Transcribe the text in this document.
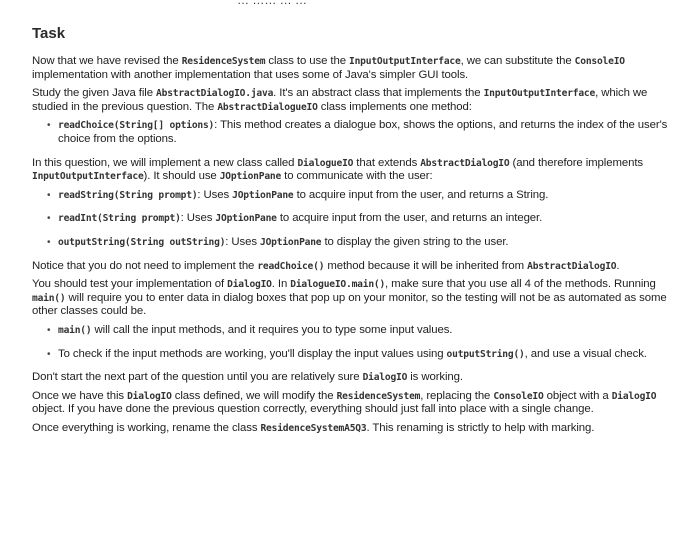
… …… … …
Task

Now that we have revised the ResidenceSystem class to use the InputOutputInterface, we can substitute the ConsoleIO implementation with another implementation that uses some of Java's simpler GUI tools.

Study the given Java file AbstractDialogIO.java. It's an abstract class that implements the InputOutputInterface, which we studied in the previous question. The AbstractDialogueIO class implements one method:

• readChoice(String[] options): This method creates a dialogue box, shows the options, and returns the index of the user's choice from the options.

In this question, we will implement a new class called DialogueIO that extends AbstractDialogIO (and therefore implements InputOutputInterface). It should use JOptionPane to communicate with the user:

• readString(String prompt): Uses JOptionPane to acquire input from the user, and returns a String.
• readInt(String prompt): Uses JOptionPane to acquire input from the user, and returns an integer.
• outputString(String outString): Uses JOptionPane to display the given string to the user.

Notice that you do not need to implement the readChoice() method because it will be inherited from AbstractDialogIO.

You should test your implementation of DialogIO. In DialogueIO.main(), make sure that you use all 4 of the methods. Running main() will require you to enter data in dialog boxes that pop up on your monitor, so the testing will not be as automated as some other classes could be.

• main() will call the input methods, and it requires you to type some input values.
• To check if the input methods are working, you'll display the input values using outputString(), and use a visual check.

Don't start the next part of the question until you are relatively sure DialogIO is working.

Once we have this DialogIO class defined, we will modify the ResidenceSystem, replacing the ConsoleIO object with a DialogIO object. If you have done the previous question correctly, everything should just fall into place with a single change.

Once everything is working, rename the class ResidenceSystemA5Q3. This renaming is strictly to help with marking.
